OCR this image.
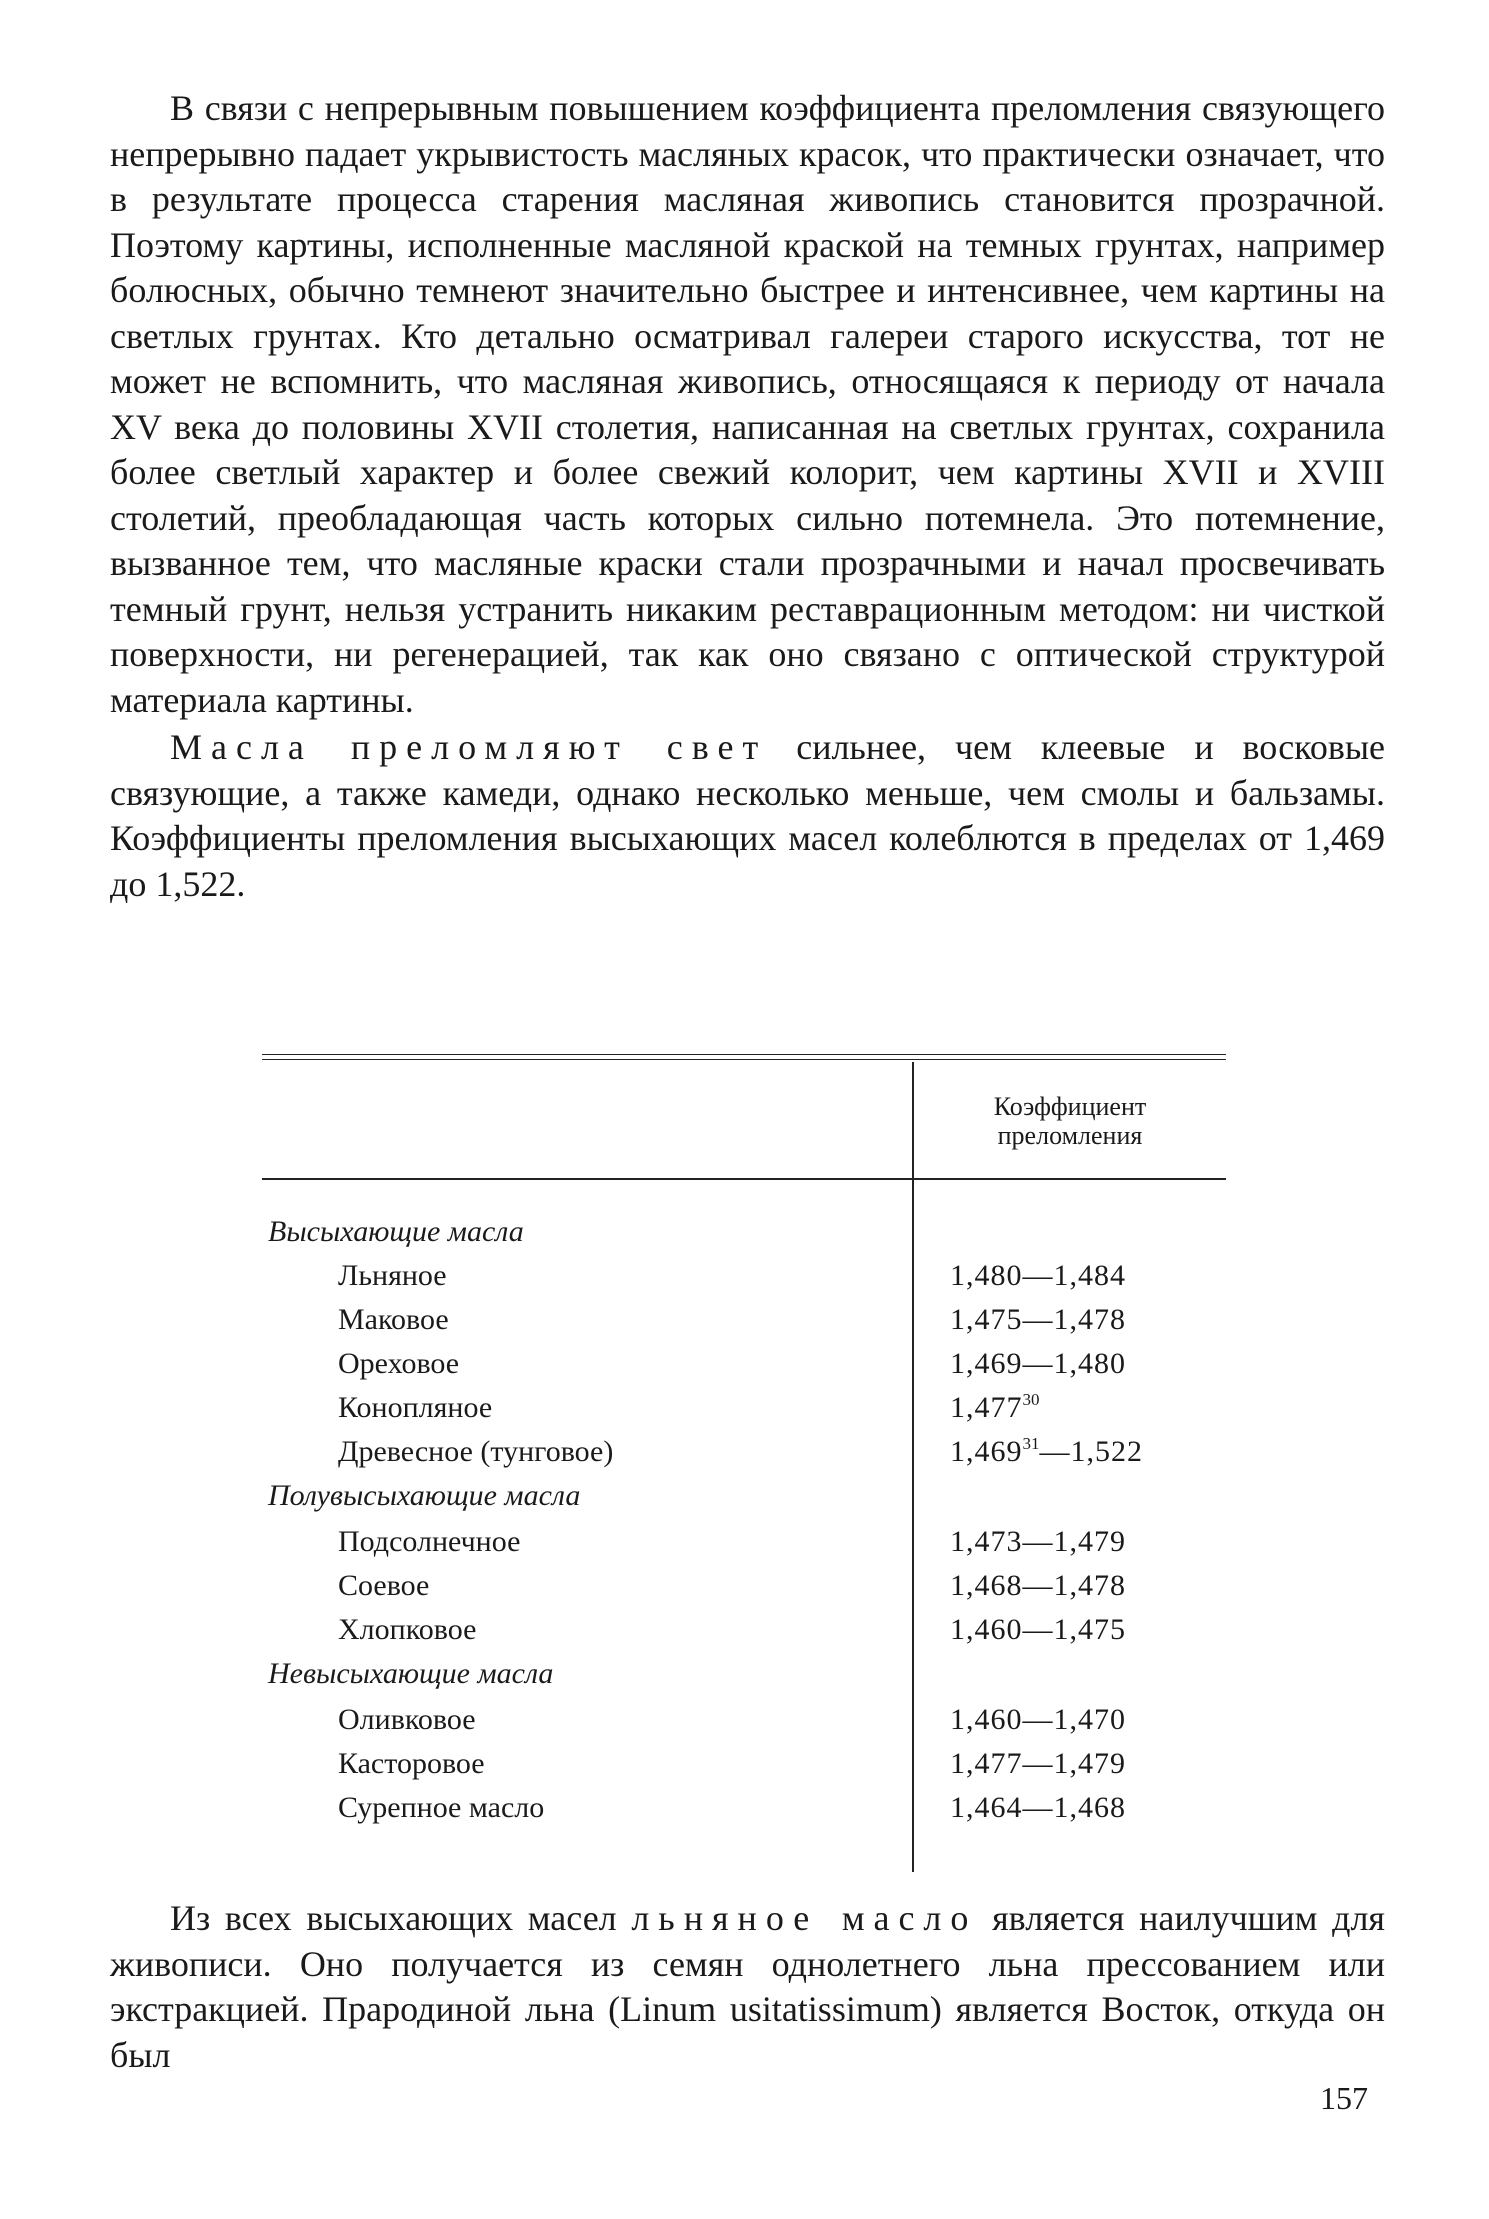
В связи с непрерывным повышением коэффициента преломления связующего непрерывно падает укрывистость масляных красок, что практически означает, что в результате процесса старения масляная живопись становится прозрачной. Поэтому картины, исполненные масляной краской на темных грунтах, например болюсных, обычно темнеют значительно быстрее и интенсивнее, чем картины на светлых грунтах. Кто детально осматривал галереи старого искусства, тот не может не вспомнить, что масляная живопись, относящаяся к периоду от начала XV века до половины XVII столетия, написанная на светлых грунтах, сохранила более светлый характер и более свежий колорит, чем картины XVII и XVIII столетий, преобладающая часть которых сильно потемнела. Это потемнение, вызванное тем, что масляные краски стали прозрачными и начал просвечивать темный грунт, нельзя устранить никаким реставрационным методом: ни чисткой поверхности, ни регенерацией, так как оно связано с оптической структурой материала картины.

Масла преломляют свет сильнее, чем клеевые и восковые связующие, а также камеди, однако несколько меньше, чем смолы и бальзамы. Коэффициенты преломления высыхающих масел колеблются в пределах от 1,469 до 1,522.

Коэффициент
преломления
Высыхающие масла
Льняное	1,480—1,484
Маковое	1,475—1,478
Ореховое	1,469—1,480
Конопляное	1,477$^{30}$
Древесное (тунговое)	1,469$^{31}$—1,522
Полувысыхающие масла
Подсолнечное	1,473—1,479
Соевое	1,468—1,478
Хлопковое	1,460—1,475
Невысыхающие масла
Оливковое	1,460—1,470
Касторовое	1,477—1,479
Сурепное масло	1,464—1,468

Из всех высыхающих масел льняное масло является наилучшим для живописи. Оно получается из семян однолетнего льна прессованием или экстракцией. Прародиной льна (Linum usitatissimum) является Восток, откуда он был

157
